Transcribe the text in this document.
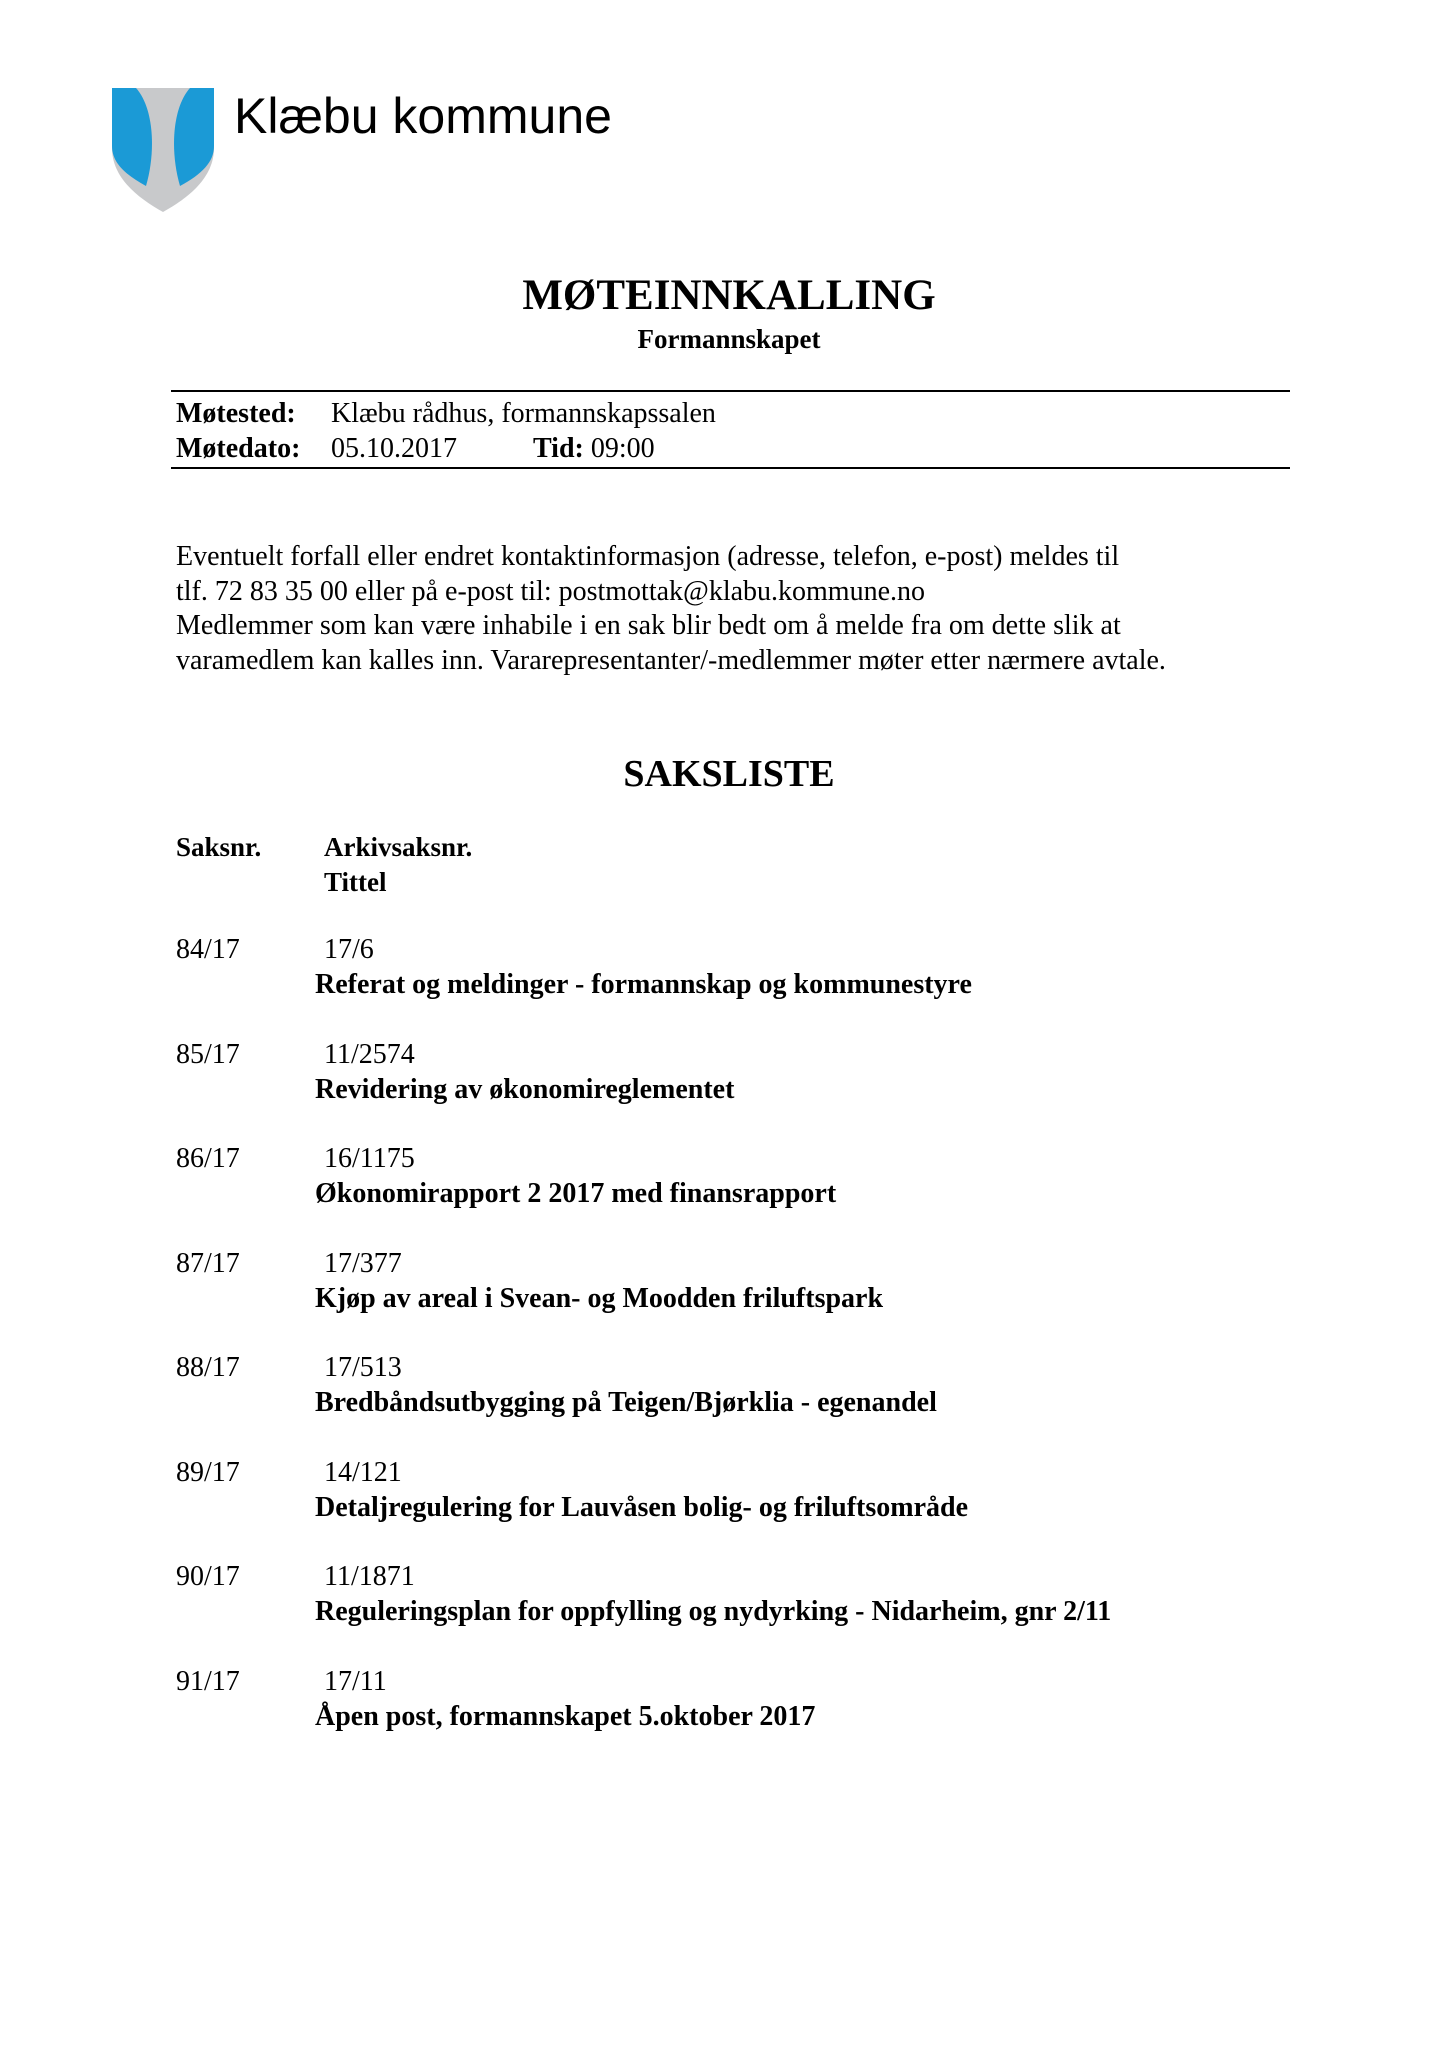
Klæbu kommune
MØTEINNKALLING
Formannskapet
Møtested: Klæbu rådhus, formannskapssalen
Møtedato: 05.10.2017	Tid: 09:00

Eventuelt forfall eller endret kontaktinformasjon (adresse, telefon, e-post) meldes til

tlf. 72 83 35 00 eller på e-post til: postmottak@klabu.kommune.no

Medlemmer som kan være inhabile i en sak blir bedt om å melde fra om dette slik at

varamedlem kan kalles inn. Vararepresentanter/-medlemmer møter etter nærmere avtale.

SAKSLISTE
Saksnr. Arkivsaksnr.
Tittel
84/17	17/6
Referat og meldinger - formannskap og kommunestyre
85/17	11/2574
Revidering av økonomireglementet
86/17	16/1175
Økonomirapport 2 2017 med finansrapport
87/17	17/377
Kjøp av areal i Svean- og Moodden friluftspark
88/17	17/513
Bredbåndsutbygging på Teigen/Bjørklia - egenandel
89/17	14/121
Detaljregulering for Lauvåsen bolig- og friluftsområde
90/17	11/1871
Reguleringsplan for oppfylling og nydyrking - Nidarheim, gnr 2/11
91/17	17/11
Åpen post, formannskapet 5.oktober 2017
